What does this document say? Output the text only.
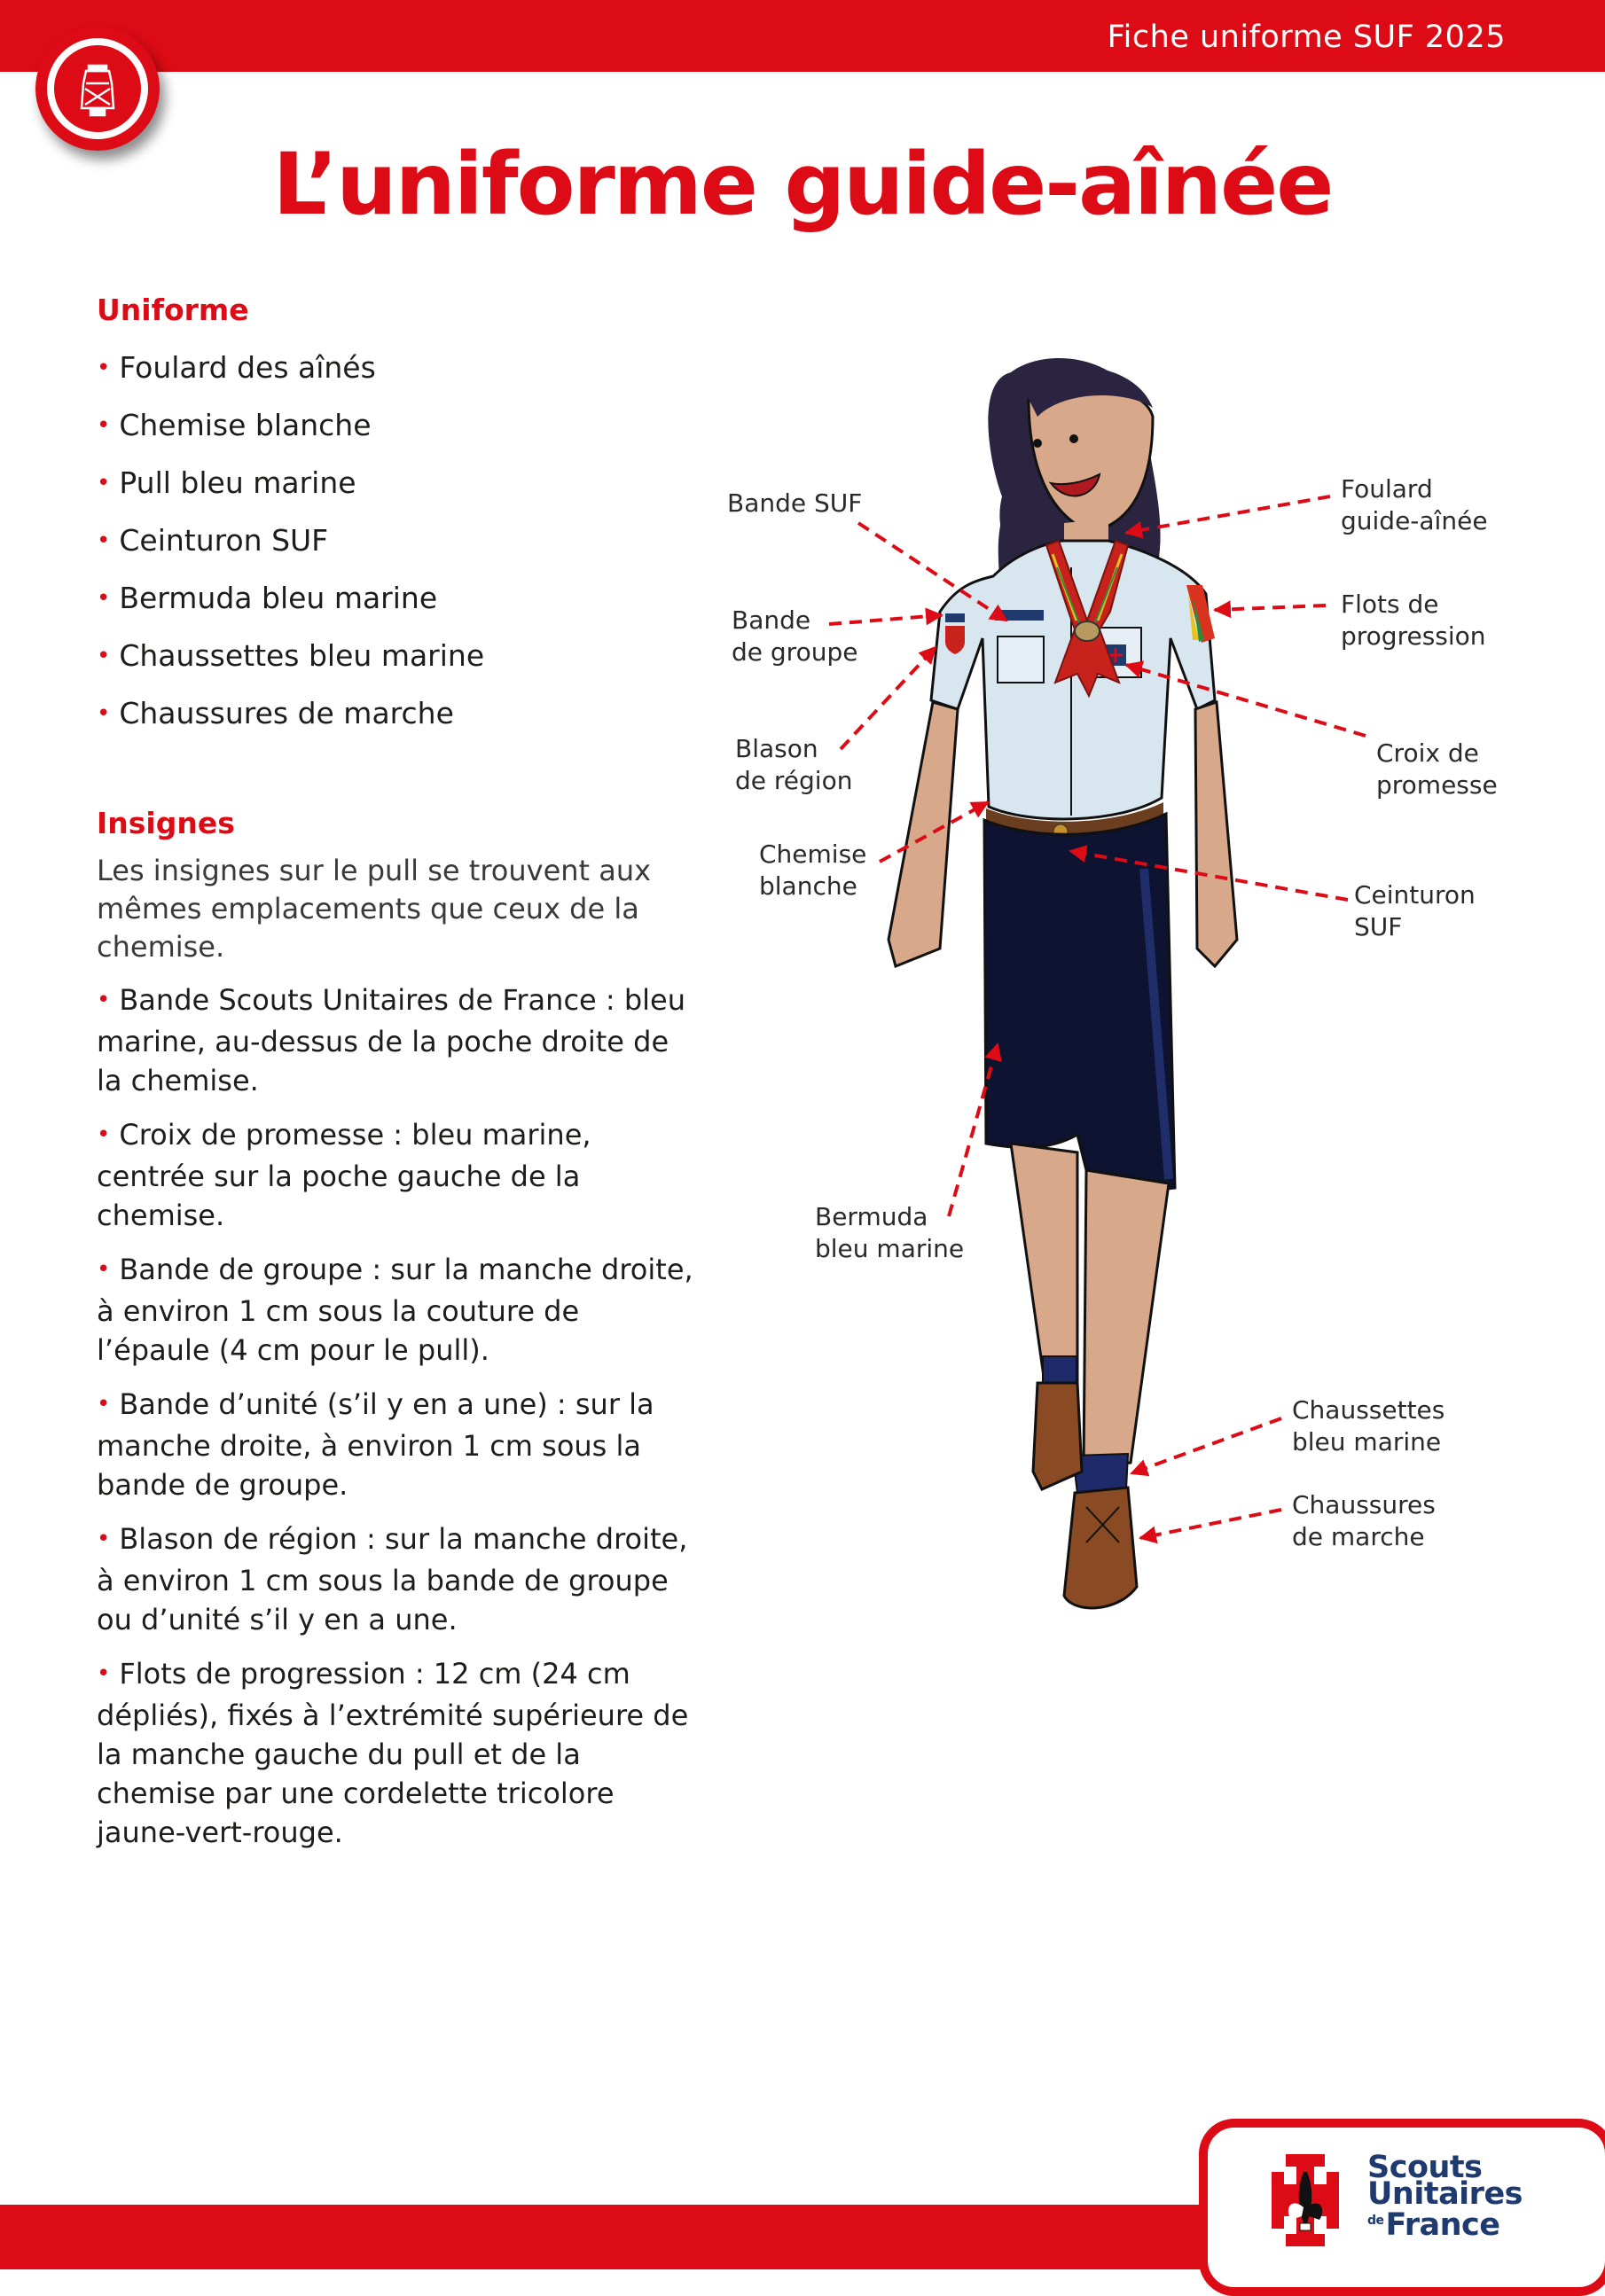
Fiche uniforme SUF 2025
L’uniforme guide-aînée
Uniforme
• Foulard des aînés
• Chemise blanche
• Pull bleu marine
• Ceinturon SUF
• Bermuda bleu marine
• Chaussettes bleu marine
• Chaussures de marche
Insignes

Les insignes sur le pull se trouvent aux mêmes emplacements que ceux de la chemise.

• Bande Scouts Unitaires de France : bleu marine, au-dessus de la poche droite de la chemise.

• Croix de promesse : bleu marine, centrée sur la poche gauche de la chemise.

• Bande de groupe : sur la manche droite, à environ 1 cm sous la couture de l’épaule (4 cm pour le pull).

• Bande d’unité (s’il y en a une) : sur la manche droite, à environ 1 cm sous la bande de groupe.

• Blason de région : sur la manche droite, à environ 1 cm sous la bande de groupe ou d’unité s’il y en a une.

• Flots de progression : 12 cm (24 cm dépliés), fixés à l’extrémité supérieure de la manche gauche du pull et de la chemise par une cordelette tricolore jaune-vert-rouge.

Bande SUF
Bande
de groupe
Blason
de région
Chemise
blanche
Bermuda
bleu marine
Foulard
guide-aînée
Flots de
progression
Croix de
promesse
Ceinturon
SUF
Chaussettes
bleu marine
Chaussures
de marche
Scouts
Unitaires
$^{de}$France
